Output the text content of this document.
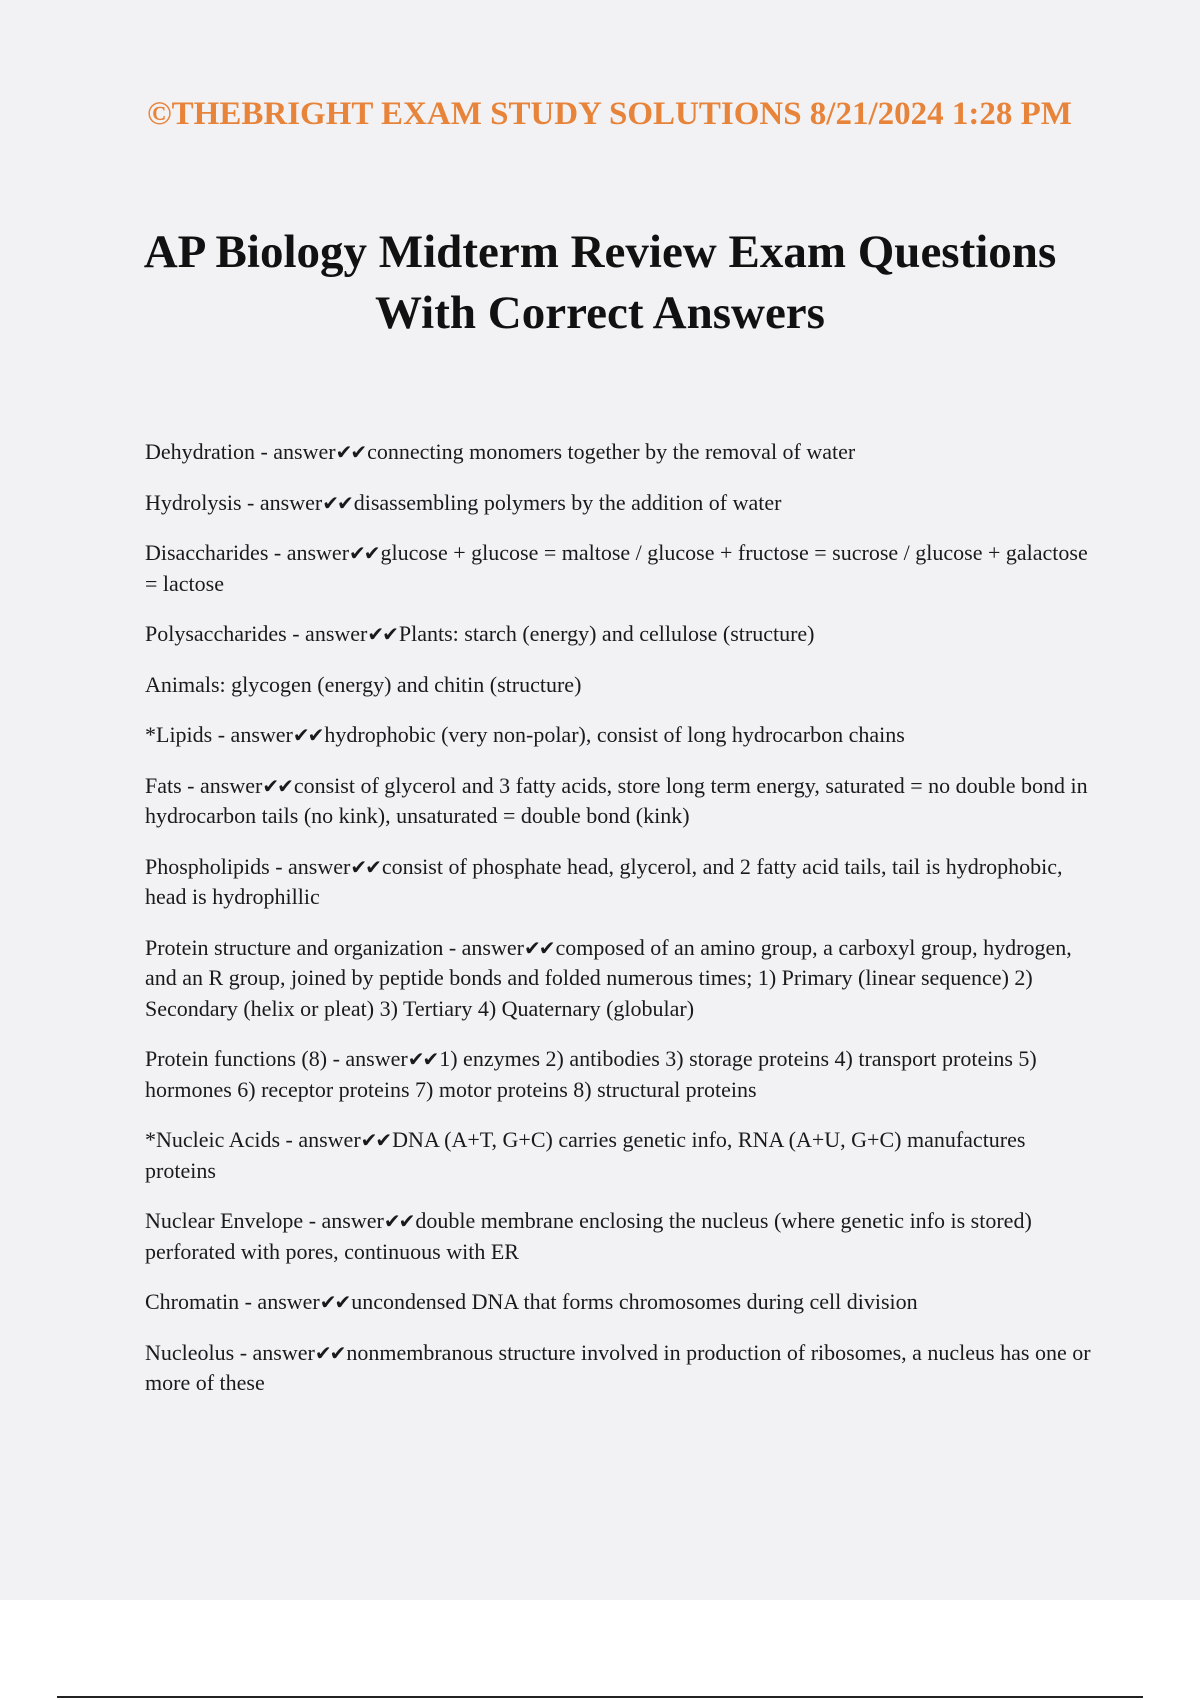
©THEBRIGHT EXAM STUDY SOLUTIONS 8/21/2024 1:28 PM
AP Biology Midterm Review Exam Questions
With Correct Answers

Dehydration - answer✔✔connecting monomers together by the removal of water

Hydrolysis - answer✔✔disassembling polymers by the addition of water

Disaccharides - answer✔✔glucose + glucose = maltose / glucose + fructose = sucrose / glucose + galactose = lactose

Polysaccharides - answer✔✔Plants: starch (energy) and cellulose (structure)

Animals: glycogen (energy) and chitin (structure)

*Lipids - answer✔✔hydrophobic (very non-polar), consist of long hydrocarbon chains

Fats - answer✔✔consist of glycerol and 3 fatty acids, store long term energy, saturated = no double bond in hydrocarbon tails (no kink), unsaturated = double bond (kink)

Phospholipids - answer✔✔consist of phosphate head, glycerol, and 2 fatty acid tails, tail is hydrophobic, head is hydrophillic

Protein structure and organization - answer✔✔composed of an amino group, a carboxyl group, hydrogen, and an R group, joined by peptide bonds and folded numerous times; 1) Primary (linear sequence) 2) Secondary (helix or pleat) 3) Tertiary 4) Quaternary (globular)

Protein functions (8) - answer✔✔1) enzymes 2) antibodies 3) storage proteins 4) transport proteins 5) hormones 6) receptor proteins 7) motor proteins 8) structural proteins

*Nucleic Acids - answer✔✔DNA (A+T, G+C) carries genetic info, RNA (A+U, G+C) manufactures proteins

Nuclear Envelope - answer✔✔double membrane enclosing the nucleus (where genetic info is stored) perforated with pores, continuous with ER

Chromatin - answer✔✔uncondensed DNA that forms chromosomes during cell division

Nucleolus - answer✔✔nonmembranous structure involved in production of ribosomes, a nucleus has one or more of these
